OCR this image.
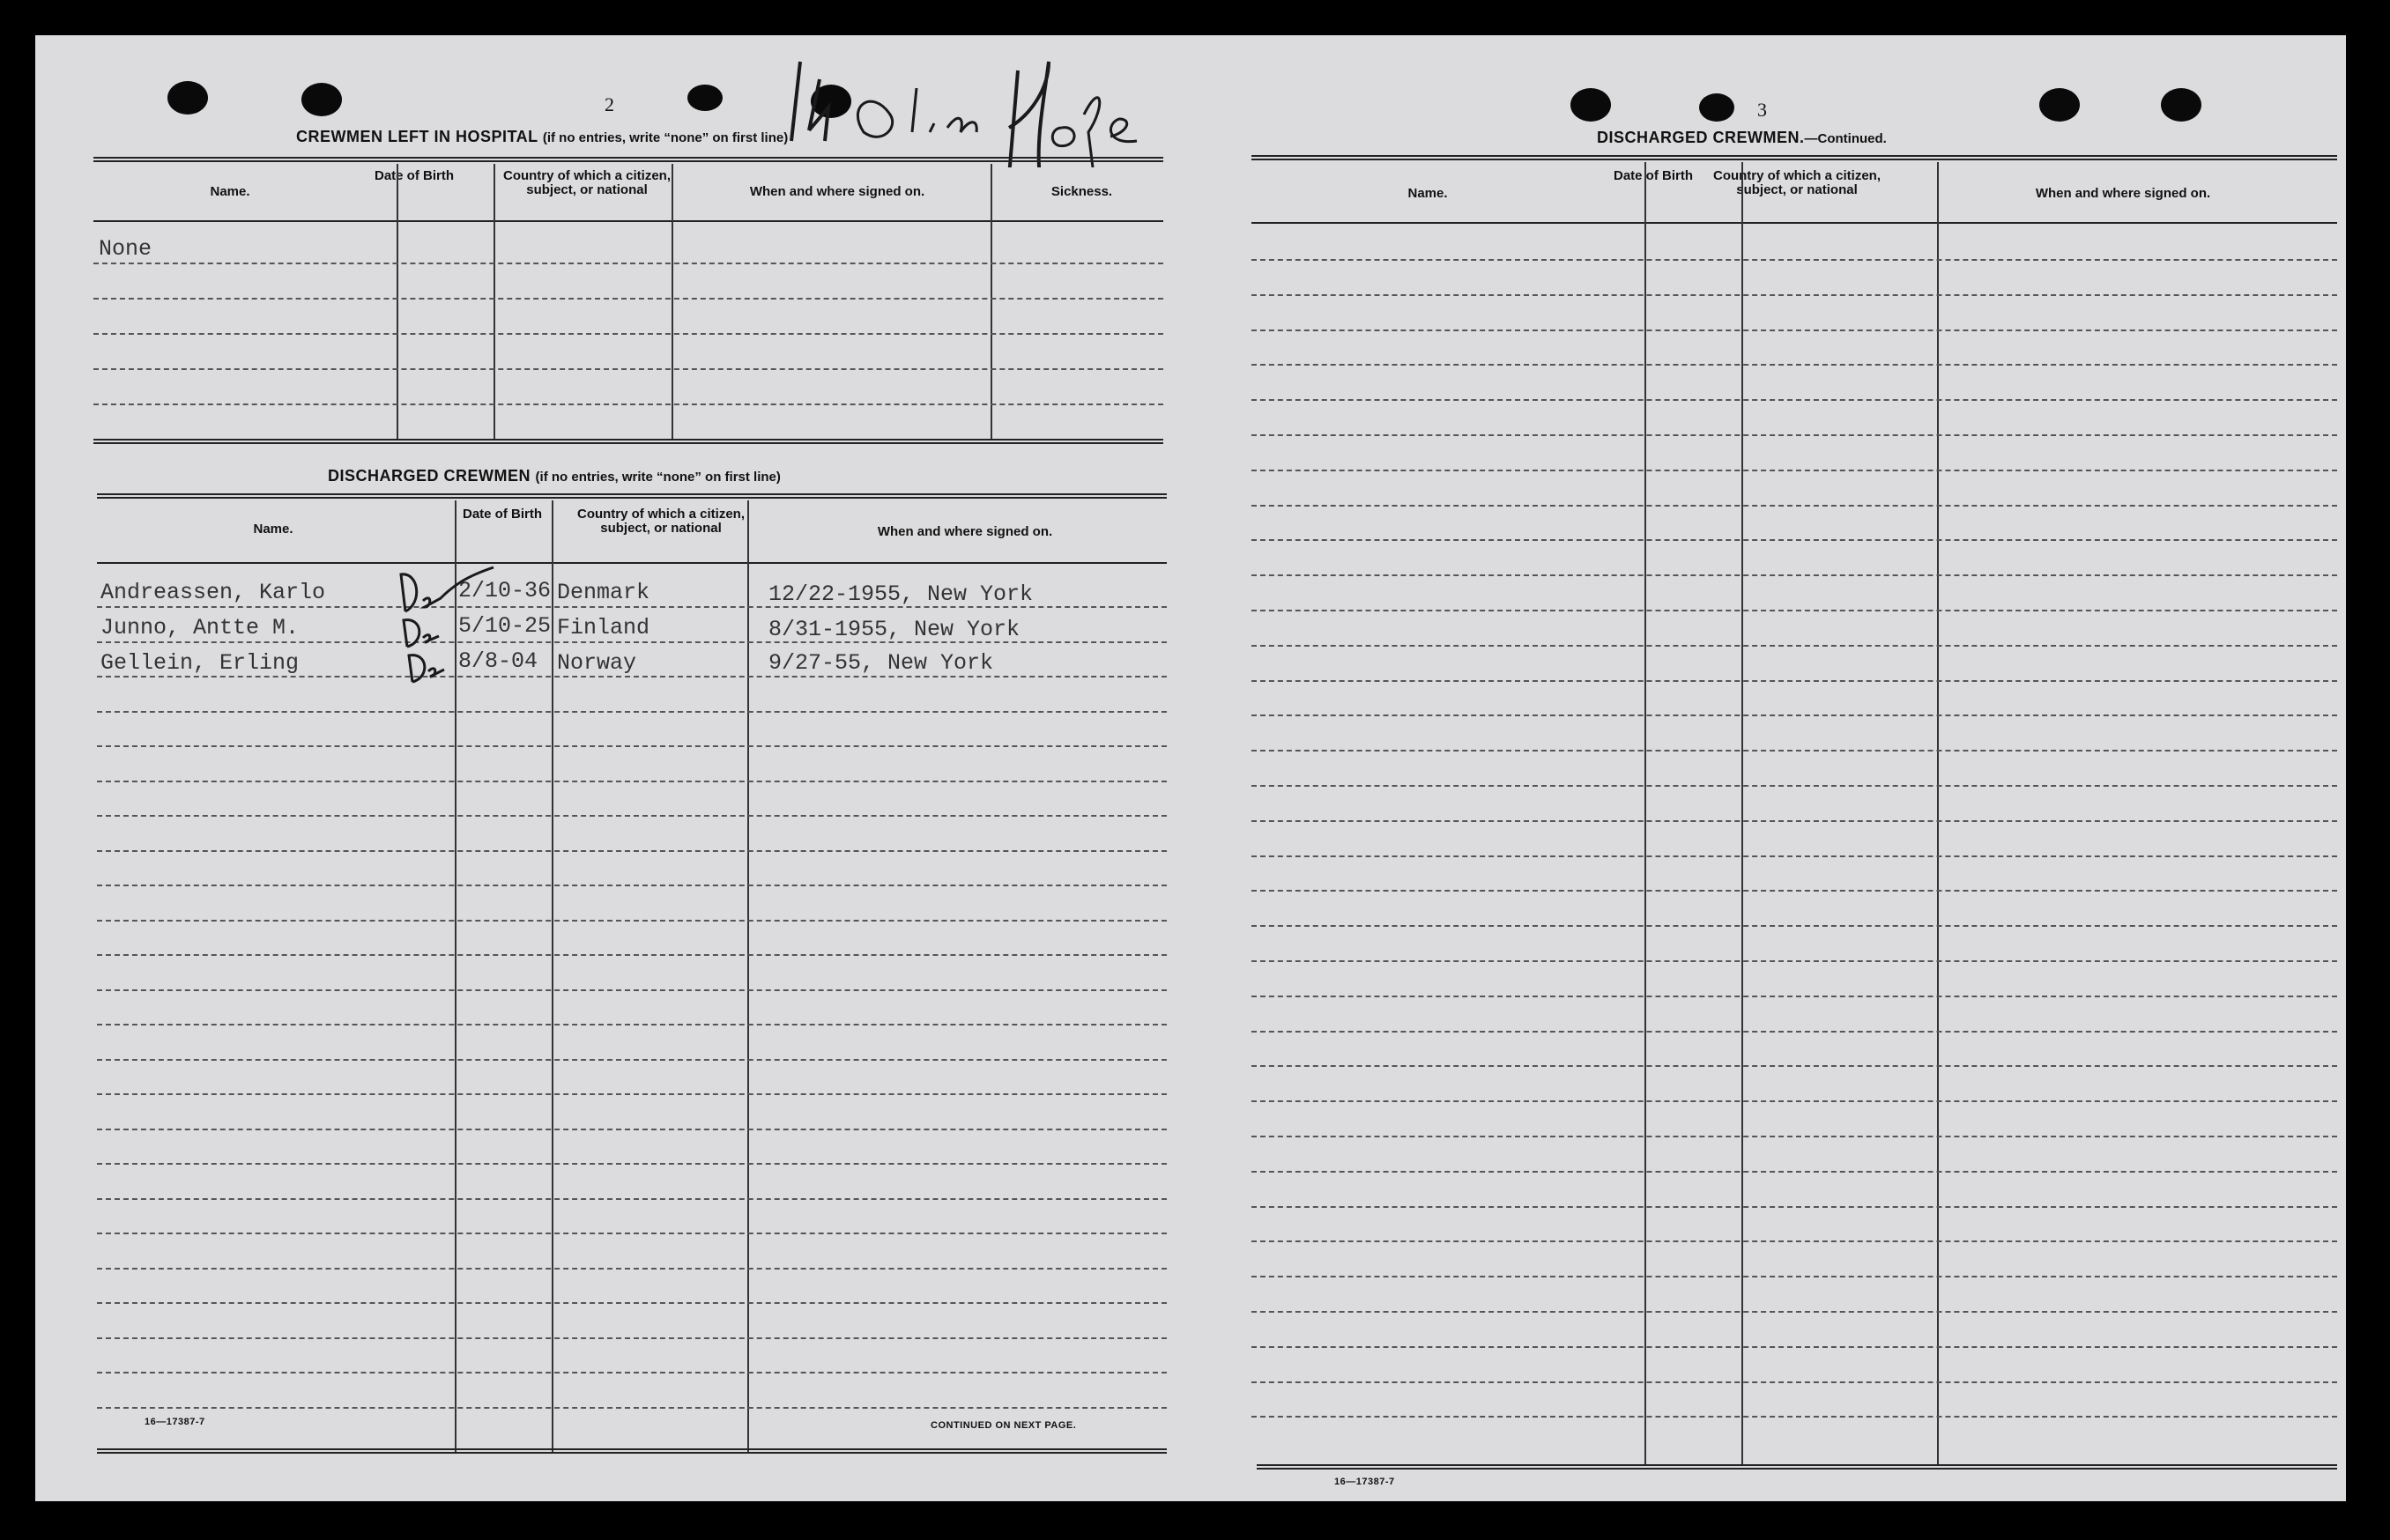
2
CREWMEN LEFT IN HOSPITAL (if no entries, write “none” on first line)
Name.
Date of Birth	Country of which a citizen, subject, or national	When and where signed on.	Sickness.
None
DISCHARGED CREWMEN (if no entries, write “none” on first line)
Name.
Date of Birth	Country of which a citizen, subject, or national	When and where signed on.
Andreassen, Karlo	2/10-36 Denmark	12/22-1955, New York
Junno, Antte M.	5/10-25 Finland	8/31-1955, New York
Gellein, Erling	8/8-04 Norway	9/27-55, New York
16—17387-7	CONTINUED ON NEXT PAGE.
3
DISCHARGED CREWMEN.—Continued.
Name.
Date of Birth	Country of which a citizen, subject, or national	When and where signed on.
16—17387-7
